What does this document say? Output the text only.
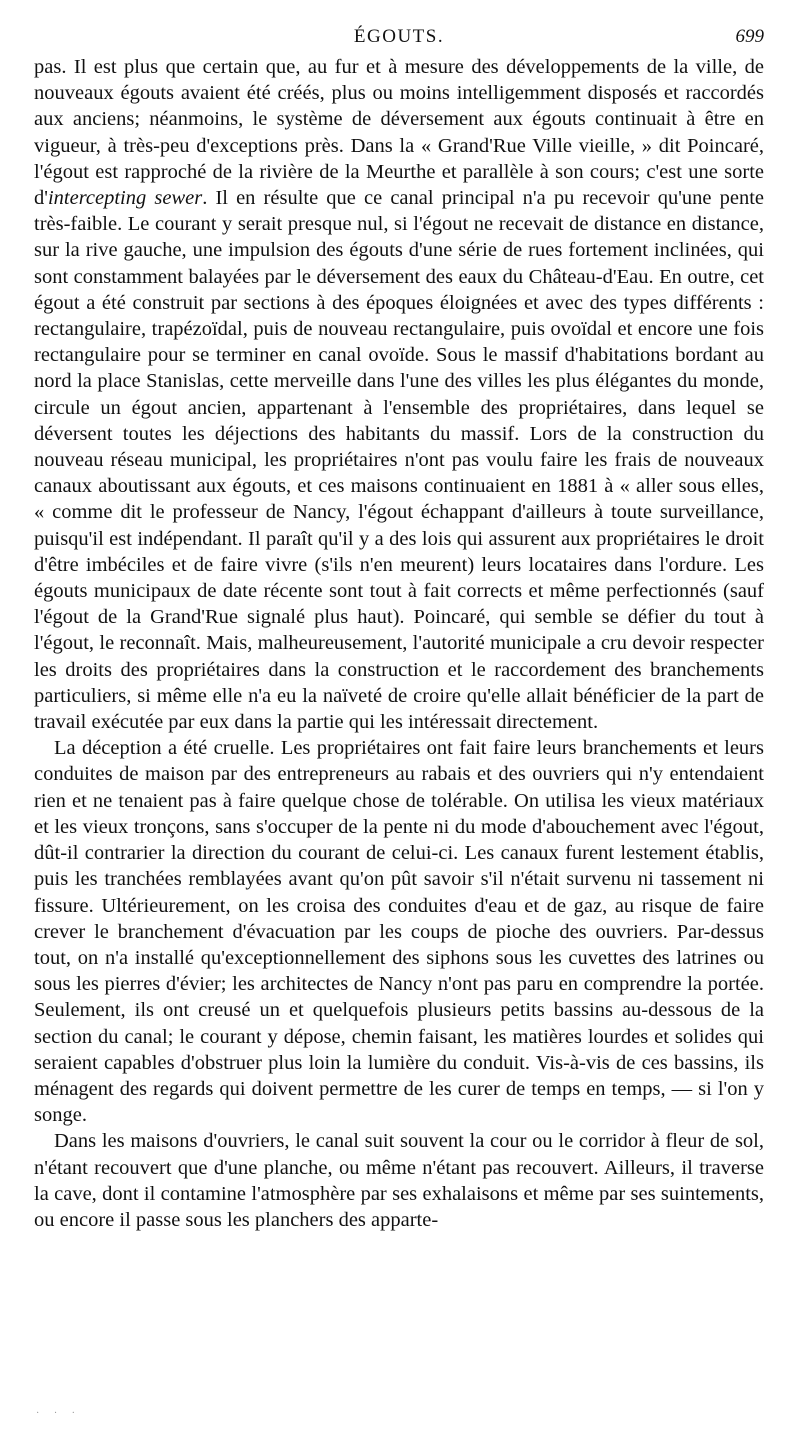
ÉGOUTS.	699

pas. Il est plus que certain que, au fur et à mesure des développements de la ville, de nouveaux égouts avaient été créés, plus ou moins intelligemment disposés et raccordés aux anciens; néanmoins, le système de déversement aux égouts continuait à être en vigueur, à très-peu d'exceptions près. Dans la « Grand'Rue Ville vieille, » dit Poincaré, l'égout est rapproché de la rivière de la Meurthe et parallèle à son cours; c'est une sorte d'intercepting sewer. Il en résulte que ce canal principal n'a pu recevoir qu'une pente très-faible. Le courant y serait presque nul, si l'égout ne recevait de distance en distance, sur la rive gauche, une impulsion des égouts d'une série de rues fortement inclinées, qui sont constamment balayées par le déversement des eaux du Château-d'Eau. En outre, cet égout a été construit par sections à des époques éloignées et avec des types différents : rectangulaire, trapézoïdal, puis de nouveau rectangulaire, puis ovoïdal et encore une fois rectangulaire pour se terminer en canal ovoïde. Sous le massif d'habitations bordant au nord la place Stanislas, cette merveille dans l'une des villes les plus élégantes du monde, circule un égout ancien, appartenant à l'ensemble des propriétaires, dans lequel se déversent toutes les déjections des habitants du massif. Lors de la construction du nouveau réseau municipal, les propriétaires n'ont pas voulu faire les frais de nouveaux canaux aboutissant aux égouts, et ces maisons continuaient en 1881 à « aller sous elles, « comme dit le professeur de Nancy, l'égout échappant d'ailleurs à toute surveillance, puisqu'il est indépendant. Il paraît qu'il y a des lois qui assurent aux propriétaires le droit d'être imbéciles et de faire vivre (s'ils n'en meurent) leurs locataires dans l'ordure. Les égouts municipaux de date récente sont tout à fait corrects et même perfectionnés (sauf l'égout de la Grand'Rue signalé plus haut). Poincaré, qui semble se défier du tout à l'égout, le reconnaît. Mais, malheureusement, l'autorité municipale a cru devoir respecter les droits des propriétaires dans la construction et le raccordement des branchements particuliers, si même elle n'a eu la naïveté de croire qu'elle allait bénéficier de la part de travail exécutée par eux dans la partie qui les intéressait directement.

La déception a été cruelle. Les propriétaires ont fait faire leurs branchements et leurs conduites de maison par des entrepreneurs au rabais et des ouvriers qui n'y entendaient rien et ne tenaient pas à faire quelque chose de tolérable. On utilisa les vieux matériaux et les vieux tronçons, sans s'occuper de la pente ni du mode d'abouchement avec l'égout, dût-il contrarier la direction du courant de celui-ci. Les canaux furent lestement établis, puis les tranchées remblayées avant qu'on pût savoir s'il n'était survenu ni tassement ni fissure. Ultérieurement, on les croisa des conduites d'eau et de gaz, au risque de faire crever le branchement d'évacuation par les coups de pioche des ouvriers. Par-dessus tout, on n'a installé qu'exceptionnellement des siphons sous les cuvettes des latrines ou sous les pierres d'évier; les architectes de Nancy n'ont pas paru en comprendre la portée. Seulement, ils ont creusé un et quelquefois plusieurs petits bassins au-dessous de la section du canal; le courant y dépose, chemin faisant, les matières lourdes et solides qui seraient capables d'obstruer plus loin la lumière du conduit. Vis-à-vis de ces bassins, ils ménagent des regards qui doivent permettre de les curer de temps en temps, — si l'on y songe.

Dans les maisons d'ouvriers, le canal suit souvent la cour ou le corridor à fleur de sol, n'étant recouvert que d'une planche, ou même n'étant pas recouvert. Ailleurs, il traverse la cave, dont il contamine l'atmosphère par ses exhalaisons et même par ses suintements, ou encore il passe sous les planchers des apparte-

· · ·
